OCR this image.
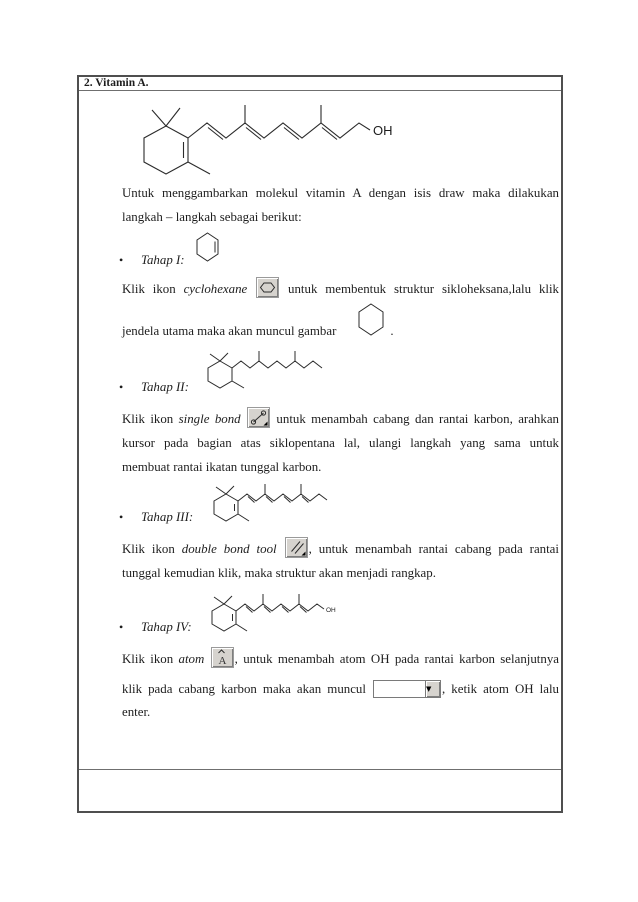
2. Vitamin A.
OH
Untuk menggambarkan molekul vitamin A dengan isis draw maka dilakukan
langkah – langkah sebagai berikut:
• Tahap I:
Klik ikon cyclohexane	untuk membentuk struktur sikloheksana,lalu klik
jendela utama maka akan muncul gambar	.
• Tahap II:
Klik ikon single bond	untuk menambah cabang dan rantai karbon, arahkan
kursor pada bagian atas siklopentana lal, ulangi langkah yang sama untuk
membuat rantai ikatan tunggal karbon.
• Tahap III:
Klik ikon double bond tool , untuk menambah rantai cabang pada rantai
tunggal kemudian klik, maka struktur akan menjadi rangkap.
OH
• Tahap IV:
Klik ikon atom A , untuk menambah atom OH pada rantai karbon selanjutnya
klik pada cabang karbon maka akan muncul	▼ , ketik atom OH lalu
enter.
